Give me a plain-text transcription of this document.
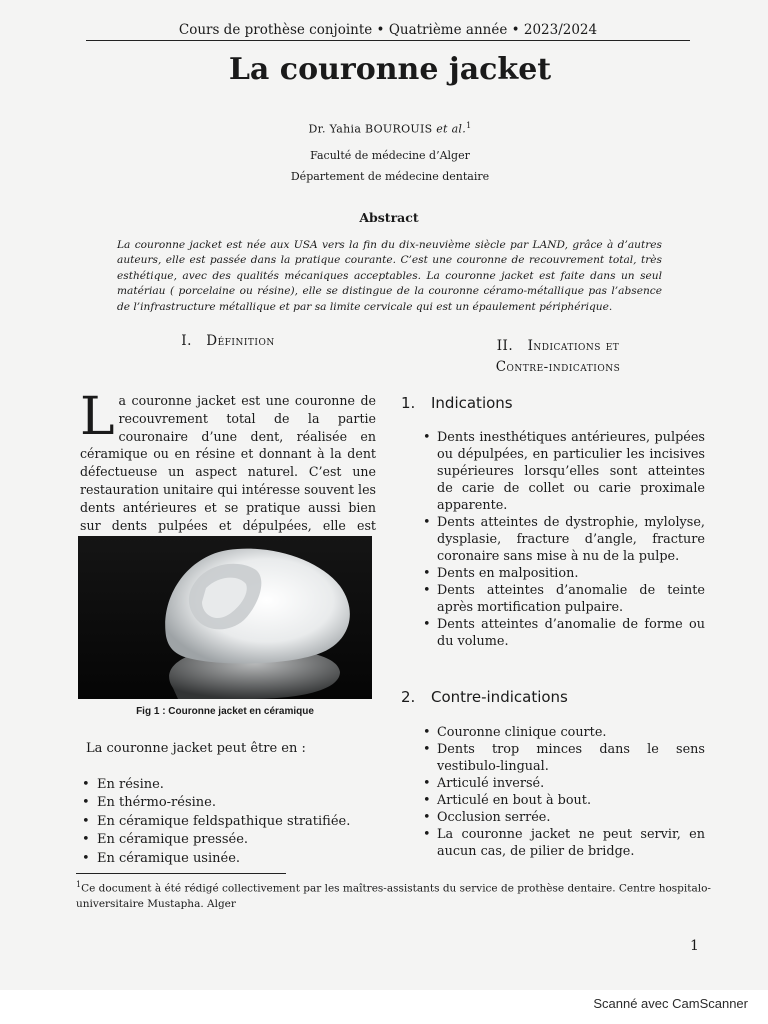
Cours de prothèse conjointe • Quatrième année • 2023/2024
La couronne jacket
Dr. Yahia BOUROUIS et al.$^1$
Faculté de médecine d’Alger
Département de médecine dentaire
Abstract
La couronne jacket est née aux USA vers la fin du dix-neuvième siècle par LAND, grâce à d’autres auteurs, elle est passée dans la pratique courante. C’est une couronne de recouvrement total, très esthétique, avec des qualités mécaniques acceptables. La couronne jacket est faite dans un seul matériau ( porcelaine ou résine), elle se distingue de la couronne céramo-métallique pas l’absence de l’infrastructure métallique et par sa limite cervicale qui est un épaulement périphérique.
I. Définition
La couronne jacket est une couronne de recouvrement total de la partie couronaire d’une dent, réalisée en céramique ou en résine et donnant à la dent défectueuse un aspect naturel. C’est une restauration unitaire qui intéresse souvent les dents antérieures et se pratique aussi bien sur dents pulpées et dépulpées, elle est
Fig 1 : Couronne jacket en céramique
La couronne jacket peut être en :
• En résine.
• En thérmo-résine.
• En céramique feldspathique stratifiée.
• En céramique pressée.
• En céramique usinée.
II. Indications et
Contre-indications
1. Indications
• Dents inesthétiques antérieures, pulpées ou dépulpées, en particulier les incisives supérieures lorsqu’elles sont atteintes de carie de collet ou carie proximale apparente.
• Dents atteintes de dystrophie, mylolyse, dysplasie, fracture d’angle, fracture coronaire sans mise à nu de la pulpe.
• Dents en malposition.
• Dents atteintes d’anomalie de teinte après mortification pulpaire.
• Dents atteintes d’anomalie de forme ou du volume.
2. Contre-indications
• Couronne clinique courte.
• Dents trop minces dans le sens vestibulo-lingual.
• Articulé inversé.
• Articulé en bout à bout.
• Occlusion serrée.
• La couronne jacket ne peut servir, en aucun cas, de pilier de bridge.
$^1$Ce document à été rédigé collectivement par les maîtres-assistants du service de prothèse dentaire. Centre hospitalo-universitaire Mustapha. Alger
1
Scanné avec CamScanner
